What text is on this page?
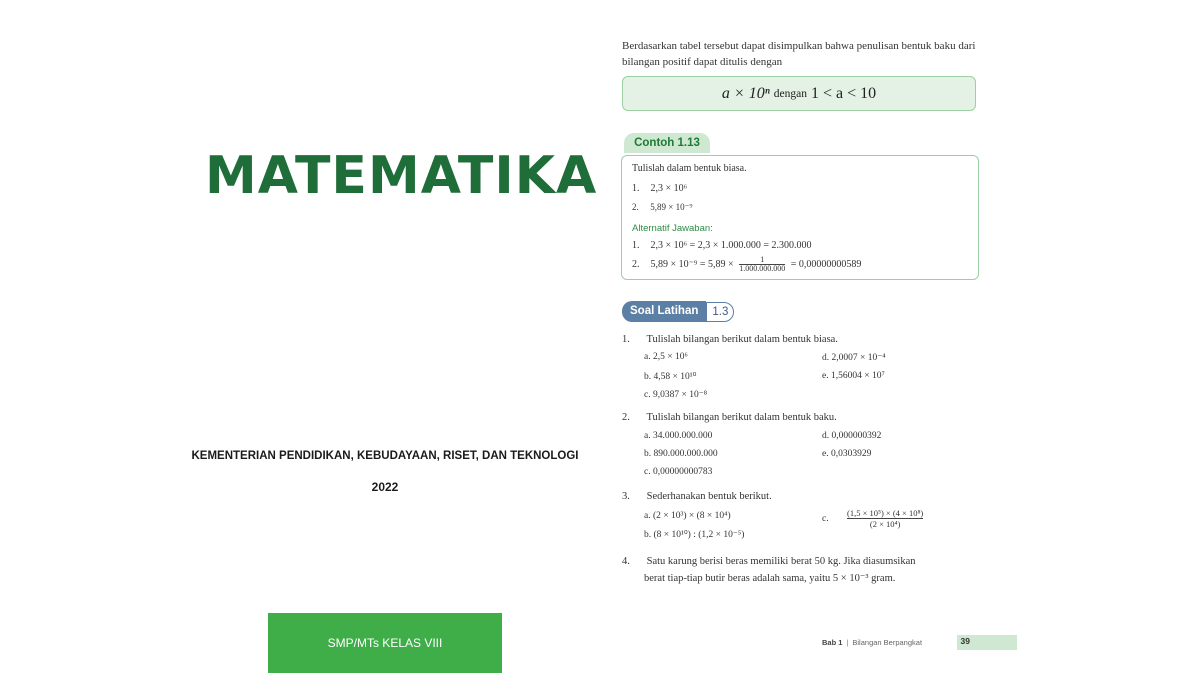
MATEMATIKA
KEMENTERIAN PENDIDIKAN, KEBUDAYAAN, RISET, DAN TEKNOLOGI
2022
SMP/MTs KELAS VIII
Berdasarkan tabel tersebut dapat disimpulkan bahwa penulisan bentuk baku dari bilangan positif dapat ditulis dengan
a × 10ⁿ dengan 1 < a < 10
Contoh 1.13
Tulislah dalam bentuk biasa.
1. 2,3 × 10⁶
2. 5,89 × 10⁻⁹
Alternatif Jawaban:
1. 2,3 × 10⁶ = 2,3 × 1.000.000 = 2.300.000
2. $5,89 \times 10^{-9} = 5,89 \times \frac{1}{1.000.000.000} = 0,00000000589$
Soal Latihan	1.3
1. Tulislah bilangan berikut dalam bentuk biasa.
a. 2,5 × 10⁶
b. 4,58 × 10¹⁰
c. 9,0387 × 10⁻⁸
d. 2,0007 × 10⁻⁴
e. 1,56004 × 10⁷
2. Tulislah bilangan berikut dalam bentuk baku.
a. 34.000.000.000
b. 890.000.000.000
c. 0,00000000783
d. 0,000000392
e. 0,0303929
3. Sederhanakan bentuk berikut.
a. (2 × 10³) × (8 × 10⁴)
b. (8 × 10¹⁰) : (1,2 × 10⁻⁵)
c.	$\frac{\text{(1,5 × 10⁵) × (4 × 10⁸)}}{\text{(2 × 10⁴)}}$
4. Satu karung berisi beras memiliki berat 50 kg. Jika diasumsikan
berat tiap-tiap butir beras adalah sama, yaitu 5 × 10⁻³ gram.
Bab 1 | Bilangan Berpangkat	39
